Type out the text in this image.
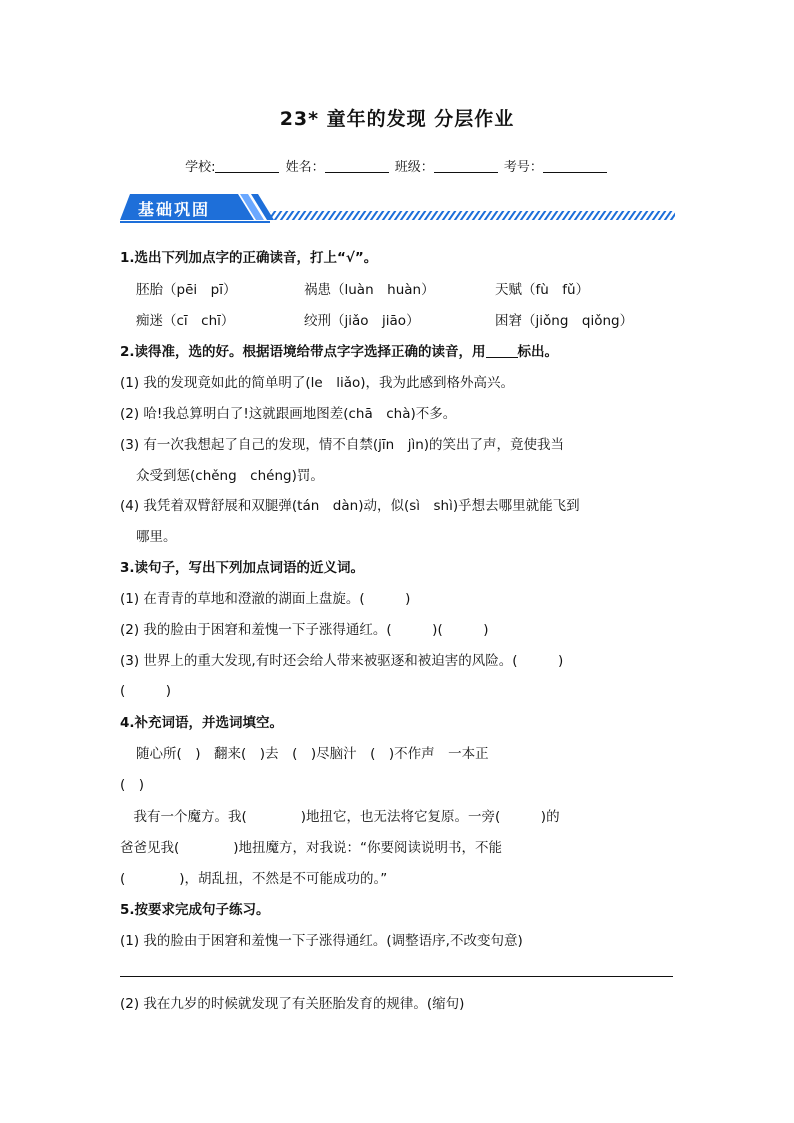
23* 童年的发现 分层作业
学校:	姓名：	班级：	考号：
基础巩固
1.选出下列加点字的正确读音，打上“√”。
胚胎（pēi　pī）	祸患（luàn　huàn）	天赋（fù　fǔ）
痴迷（cī　chī）	绞刑（jiǎo　jiāo）	困窘（jiǒng　qiǒng）
2.读得准，选的好。根据语境给带点字字选择正确的读音，用 标出。
(1) 我的发现竟如此的简单明了(le　liǎo)，我为此感到格外高兴。
(2) 哈!我总算明白了!这就跟画地图差(chā　chà)不多。
(3) 有一次我想起了自己的发现，情不自禁(jīn　jìn)的笑出了声，竟使我当
众受到惩(chěng　chéng)罚。
(4) 我凭着双臂舒展和双腿弹(tán　dàn)动，似(sì　shì)乎想去哪里就能飞到
哪里。
3.读句子，写出下列加点词语的近义词。
(1) 在青青的草地和澄澈的湖面上盘旋。(　　　)
(2) 我的脸由于困窘和羞愧一下子涨得通红。(　　　)(　　　)
(3) 世界上的重大发现,有时还会给人带来被驱逐和被迫害的风险。(　　　)
(　　　)
4.补充词语，并选词填空。
随心所(　)　翻来(　)去　(　)尽脑汁　(　)不作声　一本正
(　)
　我有一个魔方。我(　　　　)地扭它，也无法将它复原。一旁(　　　)的
爸爸见我(　　　　)地扭魔方，对我说：“你要阅读说明书，不能
(　　　　)，胡乱扭，不然是不可能成功的。”
5.按要求完成句子练习。
(1) 我的脸由于困窘和羞愧一下子涨得通红。(调整语序,不改变句意)
(2) 我在九岁的时候就发现了有关胚胎发育的规律。(缩句)
